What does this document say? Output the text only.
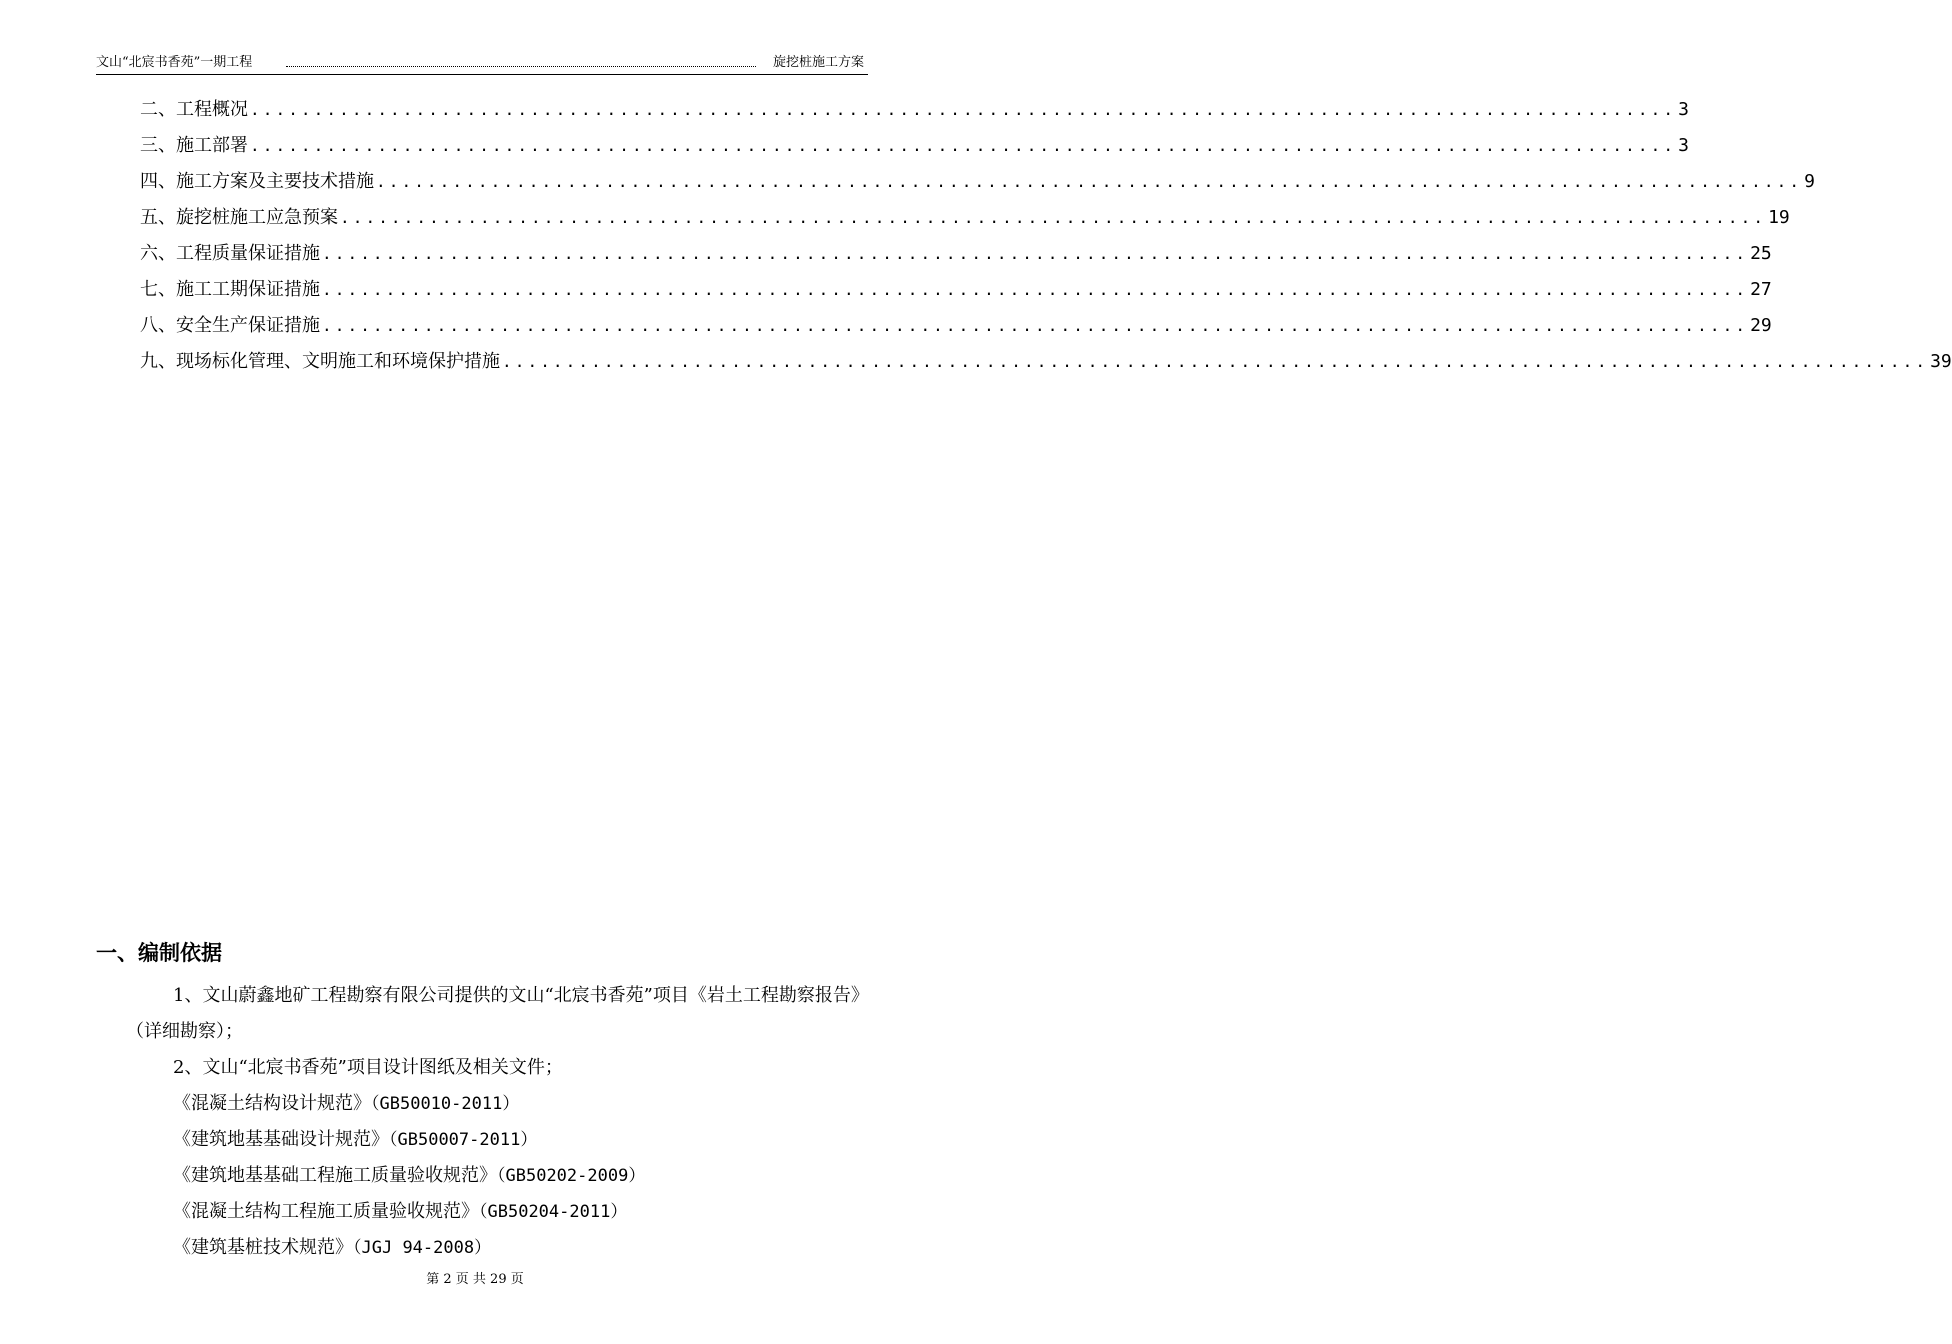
文山“北宸书香苑”一期工程	旋挖桩施工方案
二、工程概况 ................................................................................................................ 3
三、施工部署 ................................................................................................................ 3
四、施工方案及主要技术措施 ................................................................................................................ 9
五、旋挖桩施工应急预案 ................................................................................................................ 19
六、工程质量保证措施 ................................................................................................................ 25
七、施工工期保证措施 ................................................................................................................ 27
八、安全生产保证措施 ................................................................................................................ 29
九、现场标化管理、文明施工和环境保护措施 ................................................................................................................ 39
一、编制依据

1、文山蔚鑫地矿工程勘察有限公司提供的文山“北宸书香苑”项目《岩土工程勘察报告》（详细勘察）；

2、文山“北宸书香苑”项目设计图纸及相关文件；

《混凝土结构设计规范》（GB50010-2011）
《建筑地基基础设计规范》（GB50007-2011）
《建筑地基基础工程施工质量验收规范》（GB50202-2009）
《混凝土结构工程施工质量验收规范》（GB50204-2011）
《建筑基桩技术规范》（JGJ 94-2008）
第 2 页 共 29 页
